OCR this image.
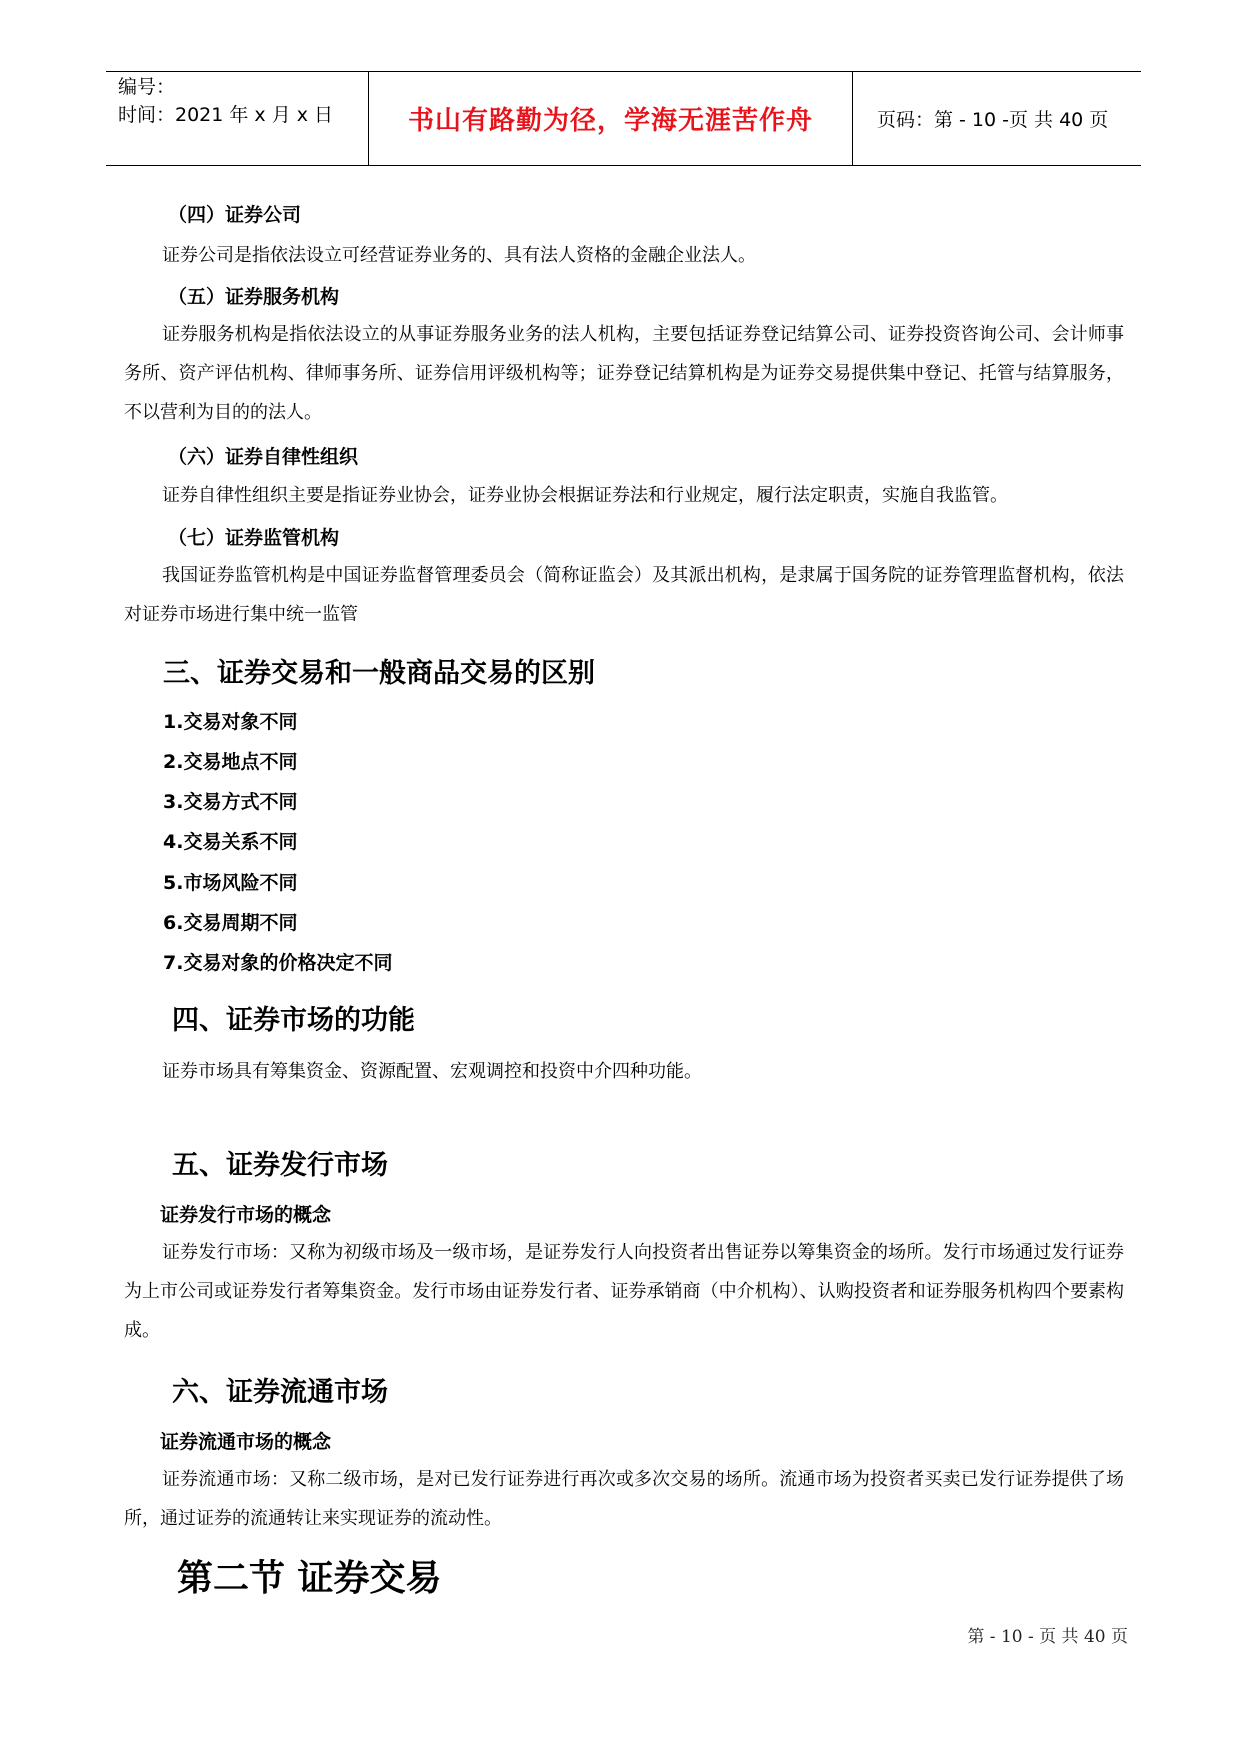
编号：
时间：2021 年 x 月 x 日	书山有路勤为径，学海无涯苦作舟	页码：第 - 10 -页 共 40 页
（四）证券公司
证券公司是指依法设立可经营证券业务的、具有法人资格的金融企业法人。
（五）证券服务机构
证券服务机构是指依法设立的从事证券服务业务的法人机构，主要包括证券登记结算公司、证券投资咨询公司、会计师事务所、资产评估机构、律师事务所、证券信用评级机构等；证券登记结算机构是为证券交易提供集中登记、托管与结算服务，不以营利为目的的法人。
（六）证券自律性组织
证券自律性组织主要是指证券业协会，证券业协会根据证券法和行业规定，履行法定职责，实施自我监管。
（七）证券监管机构
我国证券监管机构是中国证券监督管理委员会（简称证监会）及其派出机构，是隶属于国务院的证券管理监督机构，依法对证券市场进行集中统一监管
三、证券交易和一般商品交易的区别
1.交易对象不同
2.交易地点不同
3.交易方式不同
4.交易关系不同
5.市场风险不同
6.交易周期不同
7.交易对象的价格决定不同
四、证券市场的功能
证券市场具有筹集资金、资源配置、宏观调控和投资中介四种功能。
五、证券发行市场
证券发行市场的概念
证券发行市场：又称为初级市场及一级市场，是证券发行人向投资者出售证券以筹集资金的场所。发行市场通过发行证券为上市公司或证券发行者筹集资金。发行市场由证券发行者、证券承销商（中介机构）、认购投资者和证券服务机构四个要素构成。
六、证券流通市场
证券流通市场的概念
证券流通市场：又称二级市场，是对已发行证券进行再次或多次交易的场所。流通市场为投资者买卖已发行证券提供了场所，通过证券的流通转让来实现证券的流动性。
第二节 证券交易
第 - 10 - 页 共 40 页
